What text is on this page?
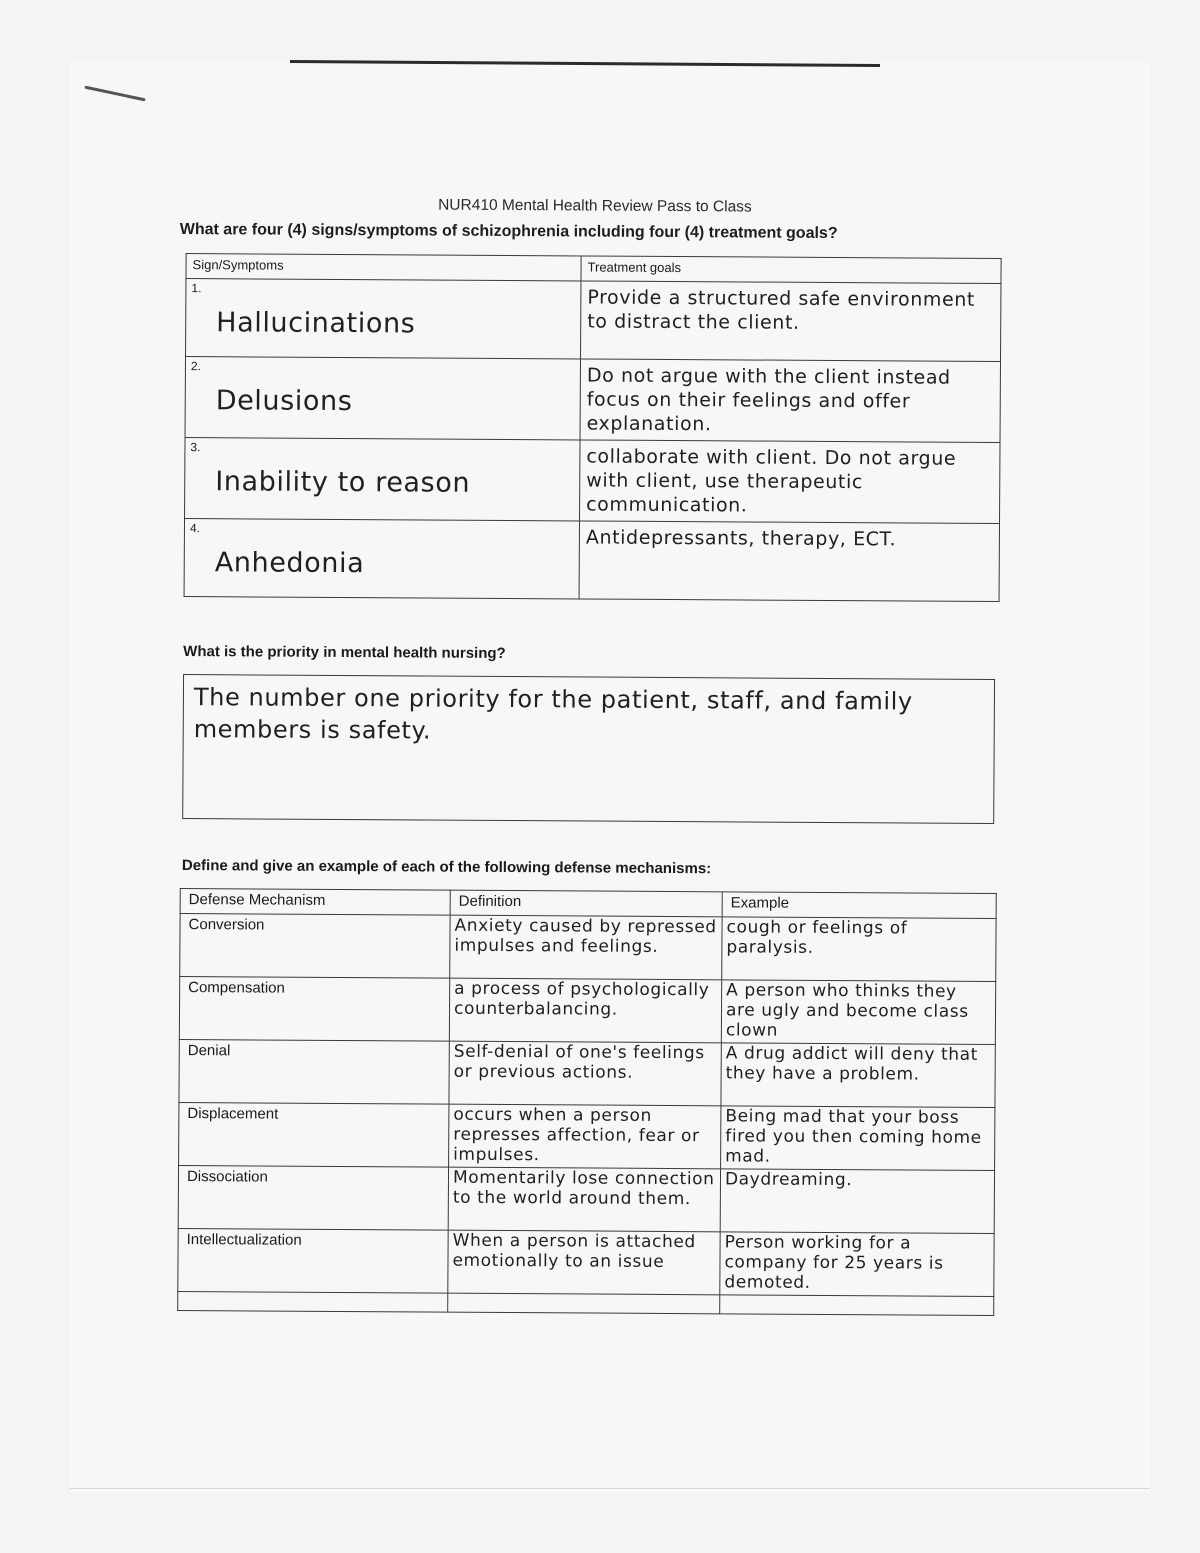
NUR410 Mental Health Review Pass to Class
What are four (4) signs/symptoms of schizophrenia including four (4) treatment goals?
Sign/Symptoms	Treatment goals

1.
Hallucinations	Provide a structured safe environment to distract the client.

2.
Delusions	Do not argue with the client instead focus on their feelings and offer explanation.

3.
Inability to reason	collaborate with client. Do not argue with client, use therapeutic communication.

4.
Anhedonia	Antidepressants, therapy, ECT.
What is the priority in mental health nursing?
The number one priority for the patient, staff, and family members is safety.
Define and give an example of each of the following defense mechanisms:
Defense Mechanism	Definition	Example

Conversion	Anxiety caused by repressed impulses and feelings.	cough or feelings of paralysis.

Compensation	a process of psychologically counterbalancing.	A person who thinks they are ugly and become class clown

Denial	Self-denial of one's feelings or previous actions.	A drug addict will deny that they have a problem.

Displacement	occurs when a person represses affection, fear or impulses.	Being mad that your boss fired you then coming home mad.

Dissociation	Momentarily lose connection to the world around them.	Daydreaming.

Intellectualization	When a person is attached emotionally to an issue	Person working for a company for 25 years is demoted.
